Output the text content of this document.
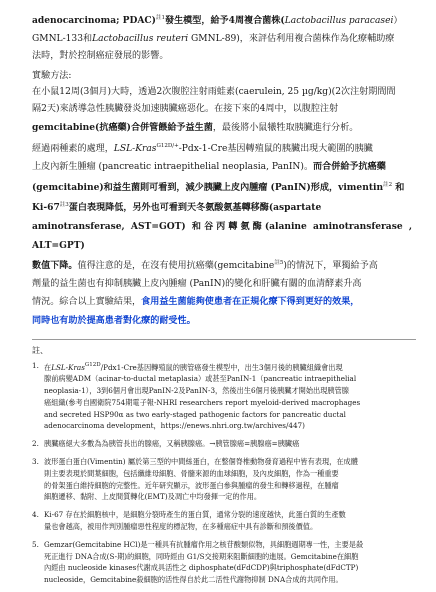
adenocarcinoma; PDAC)$^{註1}$發生模型，給予4周複合菌株(Lactobacillus paracasei）

GMNL-133和Lactobacillus reuteri GMNL-89)，來評估利用複合菌株作為化療輔助療

法時，對於控制癌症發展的影響。

實驗方法:

在小鼠12周(3個月)大時，透過2次腹腔注射雨蛙素(caerulein, 25 µg/kg)(2次注射期間間

隔2天)來誘導急性胰臟發炎加速胰臟癌惡化。在接下來的4周中，以腹腔注射

gemcitabine(抗癌藥)合併管餵給予益生菌，最後將小鼠犧牲取胰臟進行分析。

經過兩種素的處理，LSL-Kras$^{G12D/+}$-Pdx-1-Cre基因轉殖鼠的胰臟出現大範圍的胰臟

上皮內新生腫瘤 (pancreatic intraepithelial neoplasia, PanIN)。而合併給予抗癌藥

(gemcitabine)和益生菌則可看到，減少胰臟上皮內腫瘤 (PanIN)形成，vimentin$^{註2}$ 和

Ki-67$^{註3}$蛋白表現降低，另外也可看到天冬氨酸氨基轉移酶(aspartate

aminotransferase, AST=GOT) 和谷丙轉氨酶(alanine aminotransferase , ALT=GPT)

數值下降。值得注意的是，在沒有使用抗癌藥(gemcitabine$^{註5}$)的情況下，單獨給予高

劑量的益生菌也有抑制胰臟上皮內腫瘤 (PanIN)的變化和肝臟有關的血清酵素升高

情況。綜合以上實驗結果，食用益生菌能夠使患者在正規化療下得到更好的效果，

同時也有助於提高患者對化療的耐受性。

註、

1. 在LSL-Kras$^{G12D}$/Pdx1-Cre基因轉殖鼠的胰管癌發生模型中，出生3個月後的胰臟組織會出現
腺前病變ADM（acinar-to-ductal metaplasia）或甚至PanIN-1（pancreatic intraepithelial
neoplasia-1），3到6個月會出現PanIN-2及PanIN-3，然後出生6個月後胰臟才開始出現胰管腺
癌組織(參考自國衛院754期電子報-NHRI researchers report myeloid-derived macrophages
and secreted HSP90α as two early-staged pathogenic factors for pancreatic ductal
adenocarcinoma development，https://enews.nhri.org.tw/archives/447)
2. 胰臟癌絕大多數為為胰管長出的腺癌，又稱胰腺癌。→胰管腺癌=胰腺癌=胰臟癌
3. 波形蛋白蛋白(Vimentin) 屬於第三型的中間絲蛋白，在整個脊椎動物發育過程中皆有表現，在成體
則主要表現於間葉細胞，包括纖維母細胞、骨髓來源的血球細胞，及內皮細胞，作為一種重要
的骨架蛋白維持細胞的完整性。近年研究顯示，波形蛋白參與腫瘤的發生和轉移過程，在腫瘤
細胞遷移、黏附、上皮間質轉化(EMT)及凋亡中均發揮一定的作用。
4. Ki-67 存在於細胞核中，是細胞分裂時產生的蛋白質，通常分裂的速度越快，此蛋白質的生產數
量也會越高，被用作判別腫瘤惡性程度的標記物，在多種癌症中具有診斷和預後價值。
5. Gemzar(Gemcitabine HCl)是一種具有抗腫瘤作用之核苷酸類似物，具細胞週期專一性，主要是殺
死正進行 DNA合成(S-期)的細胞，同時經由 G1/S交接期來阻斷細胞的進展。Gemcitabine在細胞
內經由 nucleoside kinases代謝成具活性之 diphosphate(dFdCDP)與triphosphate(dFdCTP)
nucleoside，Gemcitabine殺細胞的活性得自於此二活性代謝物抑制 DNA合成的共同作用。
